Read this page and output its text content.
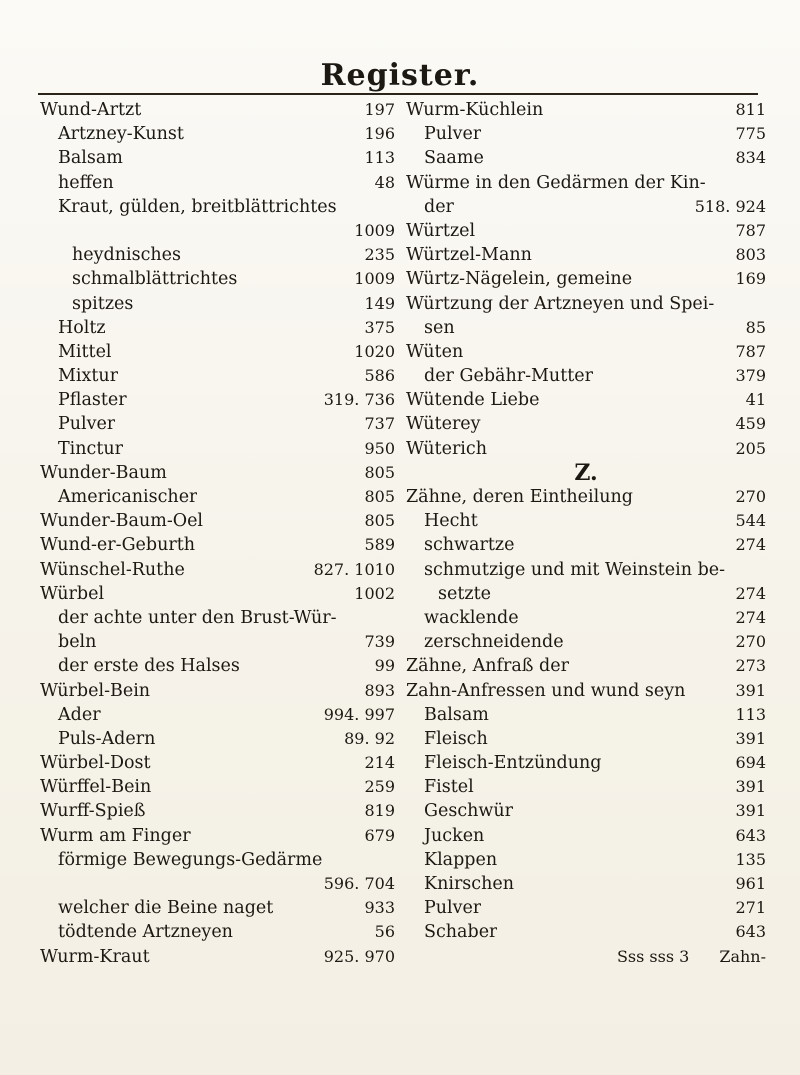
Register.
Wund-Artzt	197
Artzney-Kunst	196
Balsam	113
heffen	48
Kraut, gülden, breitblättrichtes
1009
heydnisches	235
schmalblättrichtes	1009
spitzes	149
Holtz	375
Mittel	1020
Mixtur	586
Pflaster	319. 736
Pulver	737
Tinctur	950
Wunder-Baum	805
Americanischer	805
Wunder-Baum-Oel	805
Wund-er-Geburth	589
Wünschel-Ruthe	827. 1010
Würbel	1002
der achte unter den Brust-Wür-
beln	739
der erste des Halses	99
Würbel-Bein	893
Ader	994. 997
Puls-Adern	89. 92
Würbel-Dost	214
Würffel-Bein	259
Wurff-Spieß	819
Wurm am Finger	679
förmige Bewegungs-Gedärme
596. 704
welcher die Beine naget	933
tödtende Artzneyen	56
Wurm-Kraut	925. 970
Wurm-Küchlein	811
Pulver	775
Saame	834
Würme in den Gedärmen der Kin-
der	518. 924
Würtzel	787
Würtzel-Mann	803
Würtz-Nägelein, gemeine	169
Würtzung der Artzneyen und Spei-
sen	85
Wüten	787
der Gebähr-Mutter	379
Wütende Liebe	41
Wüterey	459
Wüterich	205
Z.
Zähne, deren Eintheilung	270
Hecht	544
schwartze	274
schmutzige und mit Weinstein be-
setzte	274
wacklende	274
zerschneidende	270
Zähne, Anfraß der	273
Zahn-Anfressen und wund seyn	391
Balsam	113
Fleisch	391
Fleisch-Entzündung	694
Fistel	391
Geschwür	391
Jucken	643
Klappen	135
Knirschen	961
Pulver	271
Schaber	643
Sss sss 3 Zahn-
